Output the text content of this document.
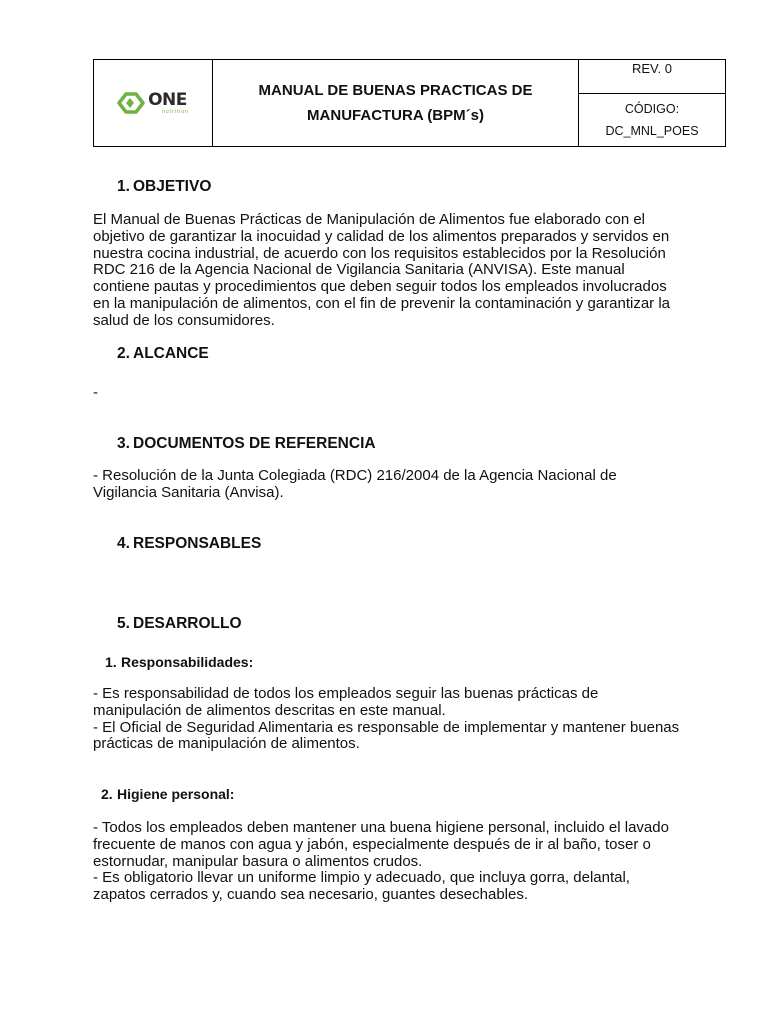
ONE
nutrition
MANUAL DE BUENAS PRACTICAS DE
MANUFACTURA (BPM´s)
REV. 0
CÓDIGO:
DC_MNL_POES
1. OBJETIVO

El Manual de Buenas Prácticas de Manipulación de Alimentos fue elaborado con el objetivo de garantizar la inocuidad y calidad de los alimentos preparados y servidos en nuestra cocina industrial, de acuerdo con los requisitos establecidos por la Resolución RDC 216 de la Agencia Nacional de Vigilancia Sanitaria (ANVISA). Este manual contiene pautas y procedimientos que deben seguir todos los empleados involucrados en la manipulación de alimentos, con el fin de prevenir la contaminación y garantizar la salud de los consumidores.

2. ALCANCE

-

3. DOCUMENTOS DE REFERENCIA

- Resolución de la Junta Colegiada (RDC) 216/2004 de la Agencia Nacional de Vigilancia Sanitaria (Anvisa).

4. RESPONSABLES
5. DESARROLLO
1. Responsabilidades:

- Es responsabilidad de todos los empleados seguir las buenas prácticas de manipulación de alimentos descritas en este manual.

- El Oficial de Seguridad Alimentaria es responsable de implementar y mantener buenas prácticas de manipulación de alimentos.

2. Higiene personal:

- Todos los empleados deben mantener una buena higiene personal, incluido el lavado frecuente de manos con agua y jabón, especialmente después de ir al baño, toser o estornudar, manipular basura o alimentos crudos.

- Es obligatorio llevar un uniforme limpio y adecuado, que incluya gorra, delantal, zapatos cerrados y, cuando sea necesario, guantes desechables.
